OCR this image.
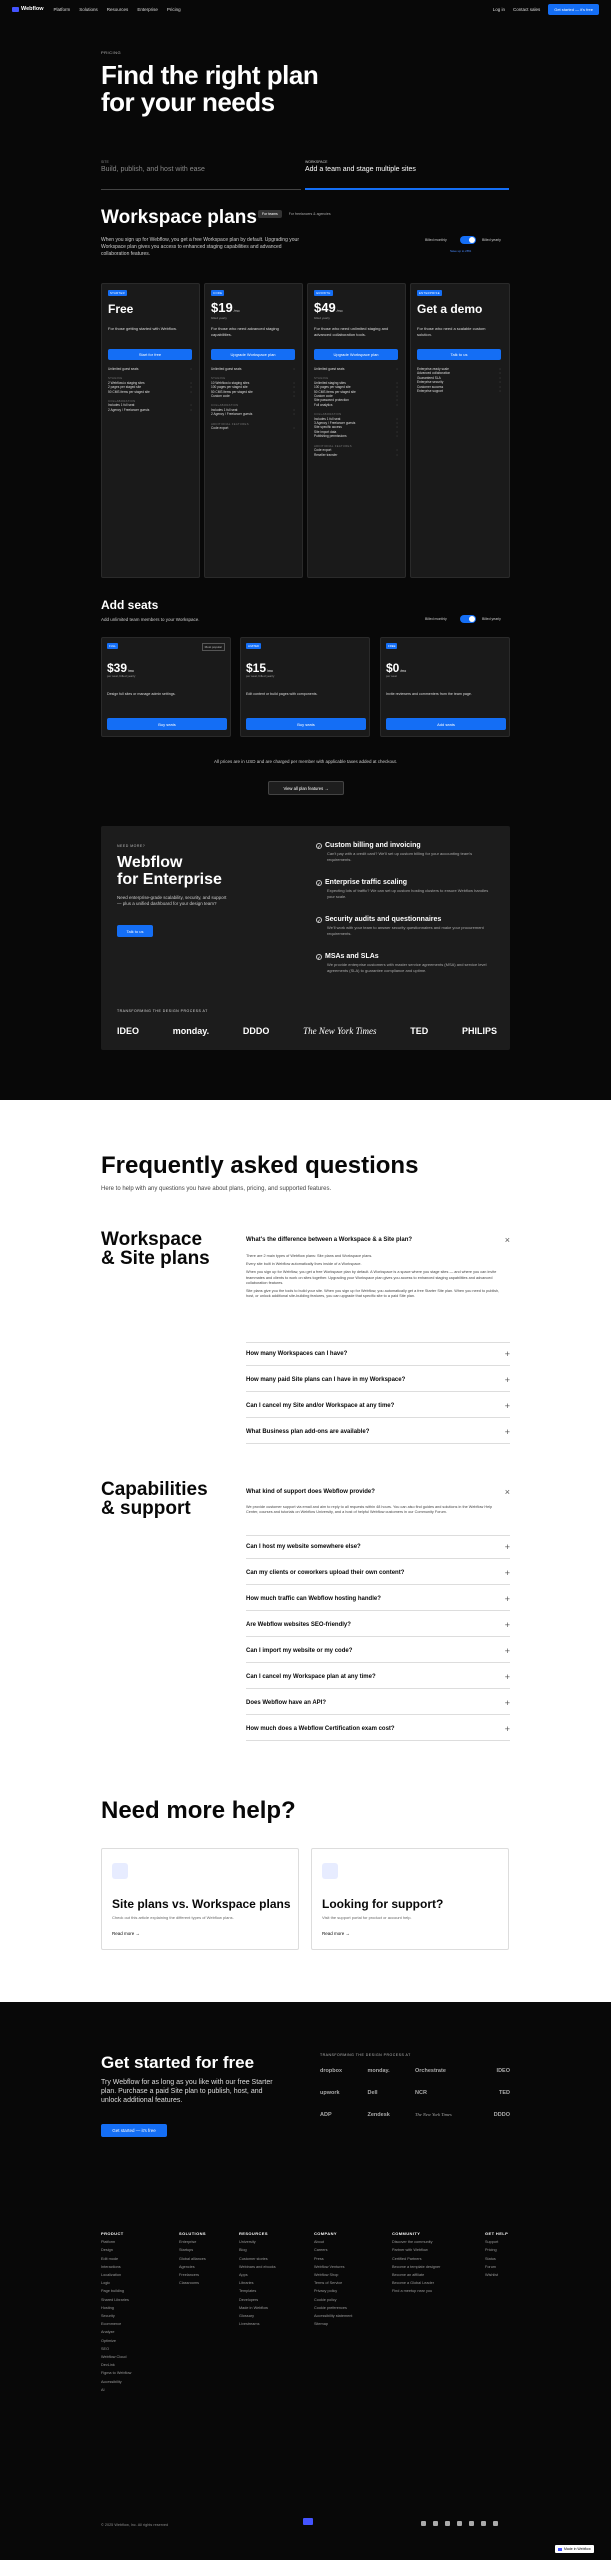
Webflow Platform Solutions Resources Enterprise Pricing	Log in Contact sales	Get started — it's free
PRICING
Find the right plan
for your needs
SITE
Build, publish, and host with ease
WORKSPACE
Add a team and stage multiple sites
Workspace plans	For teams	For freelancers & agencies
When you sign up for Webflow, you get a free Workspace plan by default. Upgrading your Workspace plan gives you access to enhanced staging capabilities and advanced collaboration features.
Billed monthly	Billed yearly
Save up to 28%
STARTER
Free
For those getting started with Webflow.
Start for free
Unlimited guest seats	○
STAGING
2 Webflow.io staging sites	○
2 pages per staged site	○
50 CMS items per staged site	○
COLLABORATION
Includes 1 full seat	○
2 Agency / Freelancer guests	○
CORE
$19 /mo
billed yearly
For those who need advanced staging capabilities.
Upgrade Workspace plan
Unlimited guest seats	○
STAGING
10 Webflow.io staging sites	○
100 pages per staged site	○
50 CMS items per staged site	○
Custom code	○
COLLABORATION
Includes 1 full seat	○
2 Agency / Freelancer guests	○
ADDITIONAL FEATURES
Code export	○
GROWTH
$49 /mo
billed yearly
For those who need unlimited staging and advanced collaboration tools.
Upgrade Workspace plan
Unlimited guest seats	○
STAGING
Unlimited staging sites	○
100 pages per staged site	○
50 CMS items per staged site	○
Custom code	○
Site password protection	○
Full analytics	○
COLLABORATION
Includes 1 full seat	○
3 Agency / Freelancer guests	○
Site specific access	○
Site import data	○
Publishing permissions	○
ADDITIONAL FEATURES
Code export	○
Reseller transfer	○
ENTERPRISE
Get a demo
For those who need a scalable custom solution.
Talk to us
Enterprise-ready scale	○
Advanced collaboration	○
Guaranteed SLA	○
Enterprise security	○
Customer success	○
Enterprise support	○
Add seats
Add unlimited team members to your Workspace.	Billed monthly	Billed yearly
FULL	Most popular
$39 /mo
per seat, billed yearly
Design full sites or manage admin settings.
Buy seats
LIMITED
$15 /mo
per seat, billed yearly
Edit content or build pages with components.
Buy seats
FREE
$0 /mo
per seat
Invite reviewers and commenters from the team page.
Add seats
All prices are in USD and are charged per member with applicable taxes added at checkout.
View all plan features →
NEED MORE?
Webflow
for Enterprise
Need enterprise-grade scalability, security, and support — plus a unified dashboard for your design team?
Talk to us
✓ Custom billing and invoicing
Can't pay with a credit card? We'll set up custom billing for your accounting team's requirements.
✓ Enterprise traffic scaling
Expecting lots of traffic? We can set up custom hosting clusters to ensure Webflow handles your scale.
✓ Security audits and questionnaires
We'll work with your team to answer security questionnaires and make your procurement requirements.
✓ MSAs and SLAs
We provide enterprise customers with master service agreements (MSA) and service level agreements (SLA) to guarantee compliance and uptime.
TRANSFORMING THE DESIGN PROCESS AT
IDEO	monday.	DDDO	The New York Times	TED	PHILIPS
Frequently asked questions
Here to help with any questions you have about plans, pricing, and supported features.
Workspace
& Site plans
What's the difference between a Workspace & a Site plan?	×

There are 2 main types of Webflow plans: Site plans and Workspace plans.

Every site built in Webflow automatically lives inside of a Workspace.

When you sign up for Webflow, you get a free Workspace plan by default. A Workspace is a space where you stage sites — and where you can invite teammates and clients to work on sites together. Upgrading your Workspace plan gives you access to enhanced staging capabilities and advanced collaboration features.

Site plans give you the tools to build your site. When you sign up for Webflow, you automatically get a free Starter Site plan. When you need to publish, host, or unlock additional site-building features, you can upgrade that specific site to a paid Site plan.

How many Workspaces can I have?	+
How many paid Site plans can I have in my Workspace?	+
Can I cancel my Site and/or Workspace at any time?	+
What Business plan add-ons are available?	+
Capabilities
& support
What kind of support does Webflow provide?	×

We provide customer support via email and aim to reply to all requests within 48 hours. You can also find guides and solutions in the Webflow Help Center, courses and tutorials on Webflow University, and a host of helpful Webflow customers in our Community Forum.

Can I host my website somewhere else?	+
Can my clients or coworkers upload their own content?	+
How much traffic can Webflow hosting handle?	+
Are Webflow websites SEO-friendly?	+
Can I import my website or my code?	+
Can I cancel my Workspace plan at any time?	+
Does Webflow have an API?	+
How much does a Webflow Certification exam cost?	+
Need more help?
Site plans vs. Workspace plans
Check out this article explaining the different types of Webflow plans.
Read more →
Looking for support?
Visit the support portal for product or account help.
Read more →
Get started for free
Try Webflow for as long as you like with our free Starter plan. Purchase a paid Site plan to publish, host, and unlock additional features.
Get started — it's free
TRANSFORMING THE DESIGN PROCESS AT
dropbox	monday.	Orchestrate	IDEO
upwork	Dell	NCR	TED
ADP	Zendesk	The New York Times	DDDO
PRODUCT
Platform
Design
Edit mode
Interactions
Localization
Logic
Page building
Shared Libraries
Hosting
Security
Ecommerce
Analyze
Optimize
SEO
Webflow Cloud
DevLink
Figma to Webflow
Accessibility
AI
SOLUTIONS
Enterprise
Startups
Global alliances
Agencies
Freelancers
Classrooms
RESOURCES
University
Blog
Customer stories
Webinars and ebooks
Apps
Libraries
Templates
Developers
Made in Webflow
Glossary
Livestreams
COMPANY
About
Careers
Press
Webflow Ventures
Webflow Shop
Terms of Service
Privacy policy
Cookie policy
Cookie preferences
Accessibility statement
Sitemap
COMMUNITY
Discover the community
Partner with Webflow
Certified Partners
Become a template designer
Become an affiliate
Become a Global Leader
Find a meetup near you
GET HELP
Support
Pricing
Status
Forum
Wishlist
© 2025 Webflow, Inc. All rights reserved
Made in Webflow
